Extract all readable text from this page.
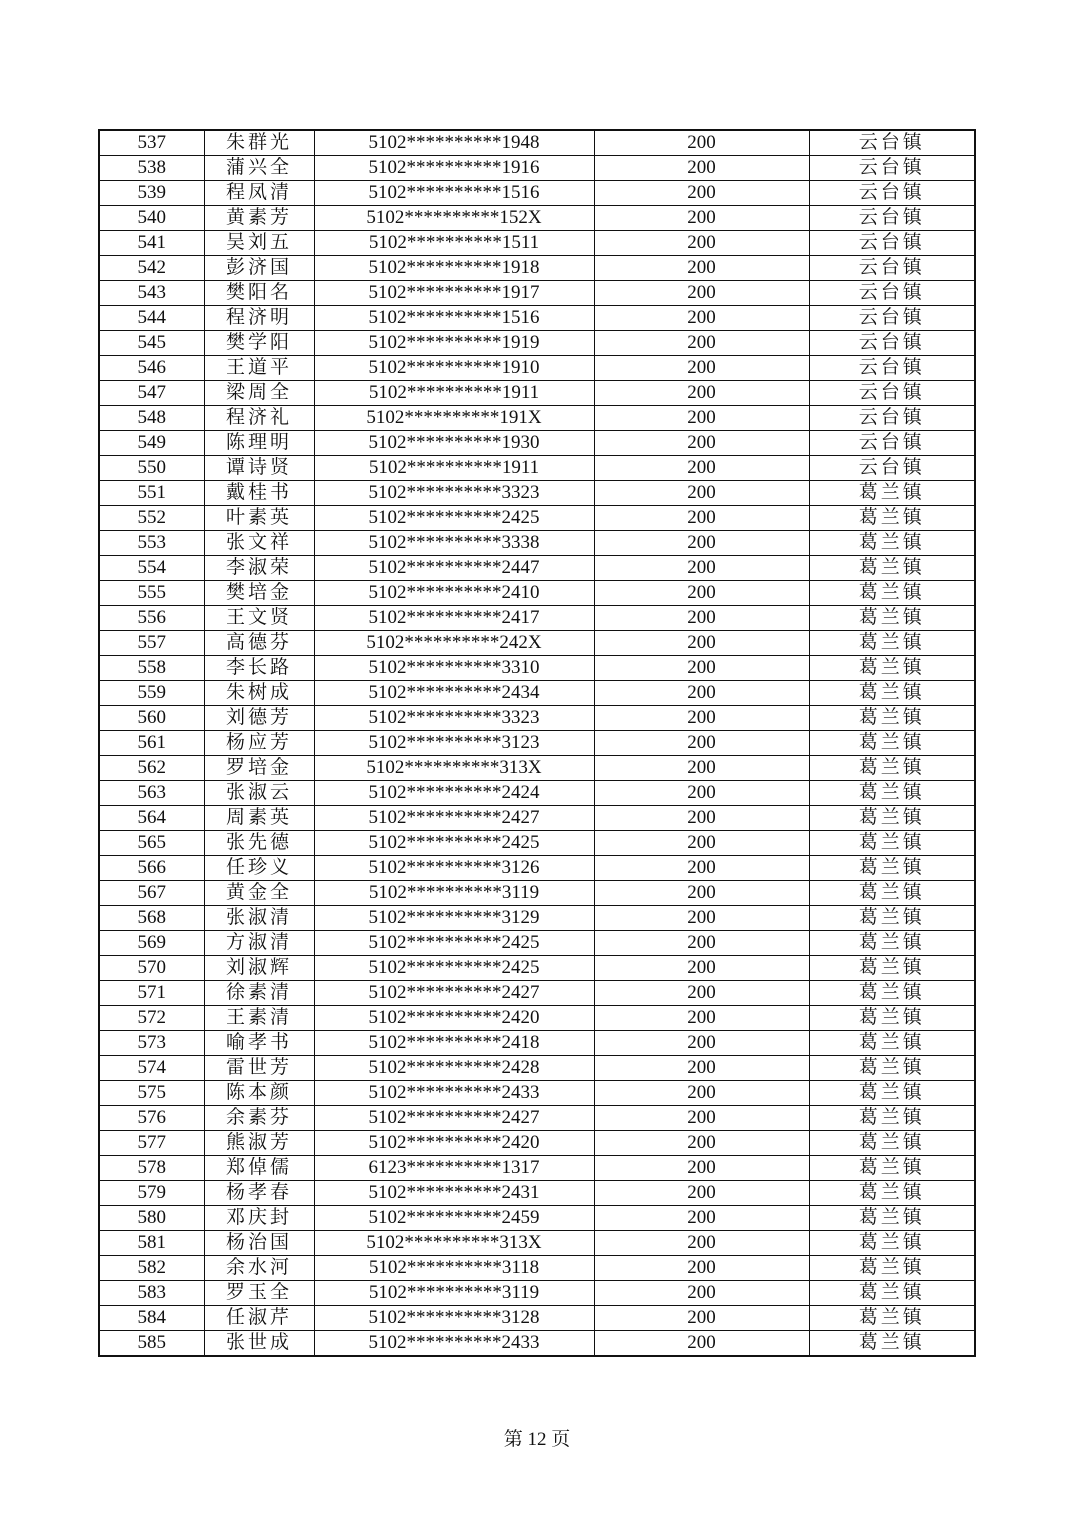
537	朱群光	5102**********1948	200	云台镇
538	蒲兴全	5102**********1916	200	云台镇
539	程凤清	5102**********1516	200	云台镇
540	黄素芳	5102**********152X	200	云台镇
541	吴刘五	5102**********1511	200	云台镇
542	彭济国	5102**********1918	200	云台镇
543	樊阳名	5102**********1917	200	云台镇
544	程济明	5102**********1516	200	云台镇
545	樊学阳	5102**********1919	200	云台镇
546	王道平	5102**********1910	200	云台镇
547	梁周全	5102**********1911	200	云台镇
548	程济礼	5102**********191X	200	云台镇
549	陈理明	5102**********1930	200	云台镇
550	谭诗贤	5102**********1911	200	云台镇
551	戴桂书	5102**********3323	200	葛兰镇
552	叶素英	5102**********2425	200	葛兰镇
553	张文祥	5102**********3338	200	葛兰镇
554	李淑荣	5102**********2447	200	葛兰镇
555	樊培金	5102**********2410	200	葛兰镇
556	王文贤	5102**********2417	200	葛兰镇
557	高德芬	5102**********242X	200	葛兰镇
558	李长路	5102**********3310	200	葛兰镇
559	朱树成	5102**********2434	200	葛兰镇
560	刘德芳	5102**********3323	200	葛兰镇
561	杨应芳	5102**********3123	200	葛兰镇
562	罗培金	5102**********313X	200	葛兰镇
563	张淑云	5102**********2424	200	葛兰镇
564	周素英	5102**********2427	200	葛兰镇
565	张先德	5102**********2425	200	葛兰镇
566	任珍义	5102**********3126	200	葛兰镇
567	黄金全	5102**********3119	200	葛兰镇
568	张淑清	5102**********3129	200	葛兰镇
569	方淑清	5102**********2425	200	葛兰镇
570	刘淑辉	5102**********2425	200	葛兰镇
571	徐素清	5102**********2427	200	葛兰镇
572	王素清	5102**********2420	200	葛兰镇
573	喻孝书	5102**********2418	200	葛兰镇
574	雷世芳	5102**********2428	200	葛兰镇
575	陈本颜	5102**********2433	200	葛兰镇
576	余素芬	5102**********2427	200	葛兰镇
577	熊淑芳	5102**********2420	200	葛兰镇
578	郑倬儒	6123**********1317	200	葛兰镇
579	杨孝春	5102**********2431	200	葛兰镇
580	邓庆封	5102**********2459	200	葛兰镇
581	杨治国	5102**********313X	200	葛兰镇
582	余水河	5102**********3118	200	葛兰镇
583	罗玉全	5102**********3119	200	葛兰镇
584	任淑芹	5102**********3128	200	葛兰镇
585	张世成	5102**********2433	200	葛兰镇
第 12 页
